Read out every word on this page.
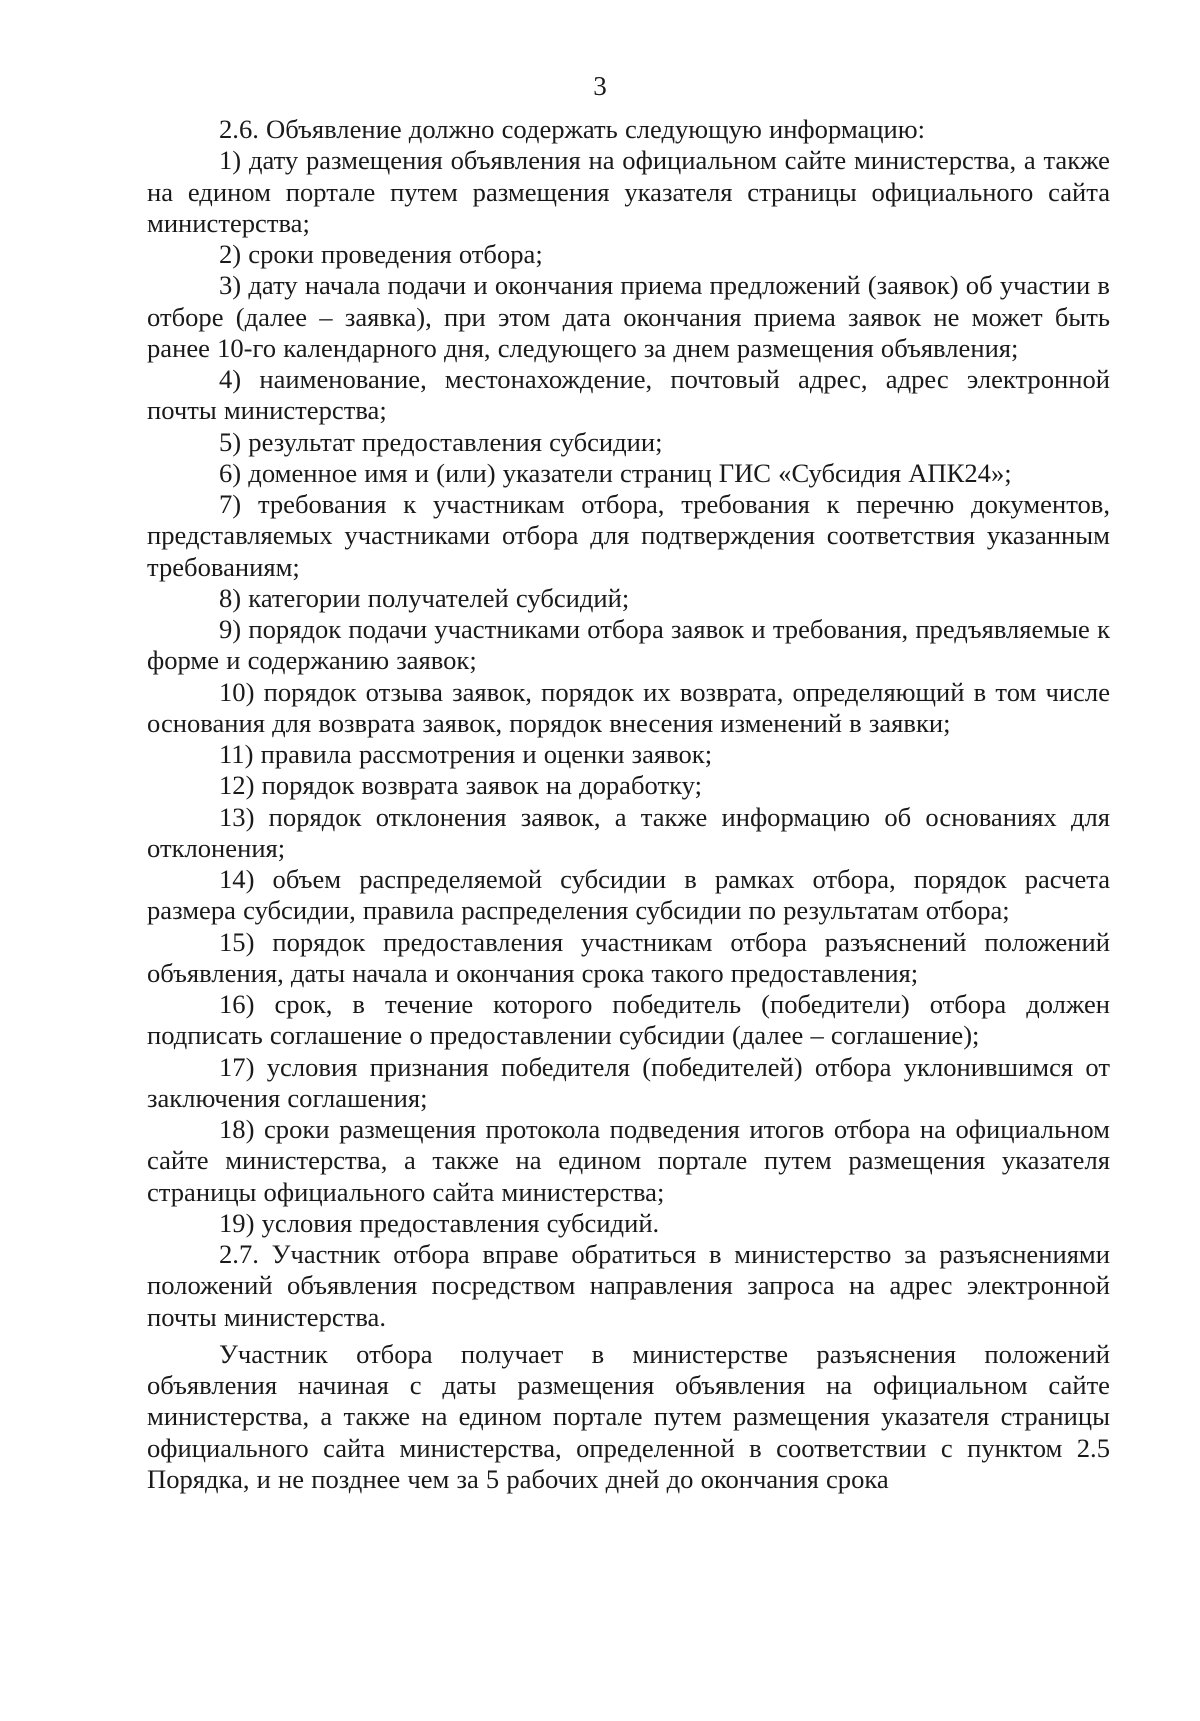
3

2.6. Объявление должно содержать следующую информацию:

1) дату размещения объявления на официальном сайте министерства, а также на едином портале путем размещения указателя страницы официального сайта министерства;

2) сроки проведения отбора;

3) дату начала подачи и окончания приема предложений (заявок) об участии в отборе (далее – заявка), при этом дата окончания приема заявок не может быть ранее 10-го календарного дня, следующего за днем размещения объявления;

4) наименование, местонахождение, почтовый адрес, адрес электронной почты министерства;

5) результат предоставления субсидии;

6) доменное имя и (или) указатели страниц ГИС «Субсидия АПК24»;

7) требования к участникам отбора, требования к перечню документов, представляемых участниками отбора для подтверждения соответствия указанным требованиям;

8) категории получателей субсидий;

9) порядок подачи участниками отбора заявок и требования, предъявляемые к форме и содержанию заявок;

10) порядок отзыва заявок, порядок их возврата, определяющий в том числе основания для возврата заявок, порядок внесения изменений в заявки;

11) правила рассмотрения и оценки заявок;

12) порядок возврата заявок на доработку;

13) порядок отклонения заявок, а также информацию об основаниях для отклонения;

14) объем распределяемой субсидии в рамках отбора, порядок расчета размера субсидии, правила распределения субсидии по результатам отбора;

15) порядок предоставления участникам отбора разъяснений положений объявления, даты начала и окончания срока такого предоставления;

16) срок, в течение которого победитель (победители) отбора должен подписать соглашение о предоставлении субсидии (далее – соглашение);

17) условия признания победителя (победителей) отбора уклонившимся от заключения соглашения;

18) сроки размещения протокола подведения итогов отбора на официальном сайте министерства, а также на едином портале путем размещения указателя страницы официального сайта министерства;

19) условия предоставления субсидий.

2.7. Участник отбора вправе обратиться в министерство за разъяснениями положений объявления посредством направления запроса на адрес электронной почты министерства.

Участник отбора получает в министерстве разъяснения положений объявления начиная с даты размещения объявления на официальном сайте министерства, а также на едином портале путем размещения указателя страницы официального сайта министерства, определенной в соответствии с пунктом 2.5 Порядка, и не позднее чем за 5 рабочих дней до окончания срока
